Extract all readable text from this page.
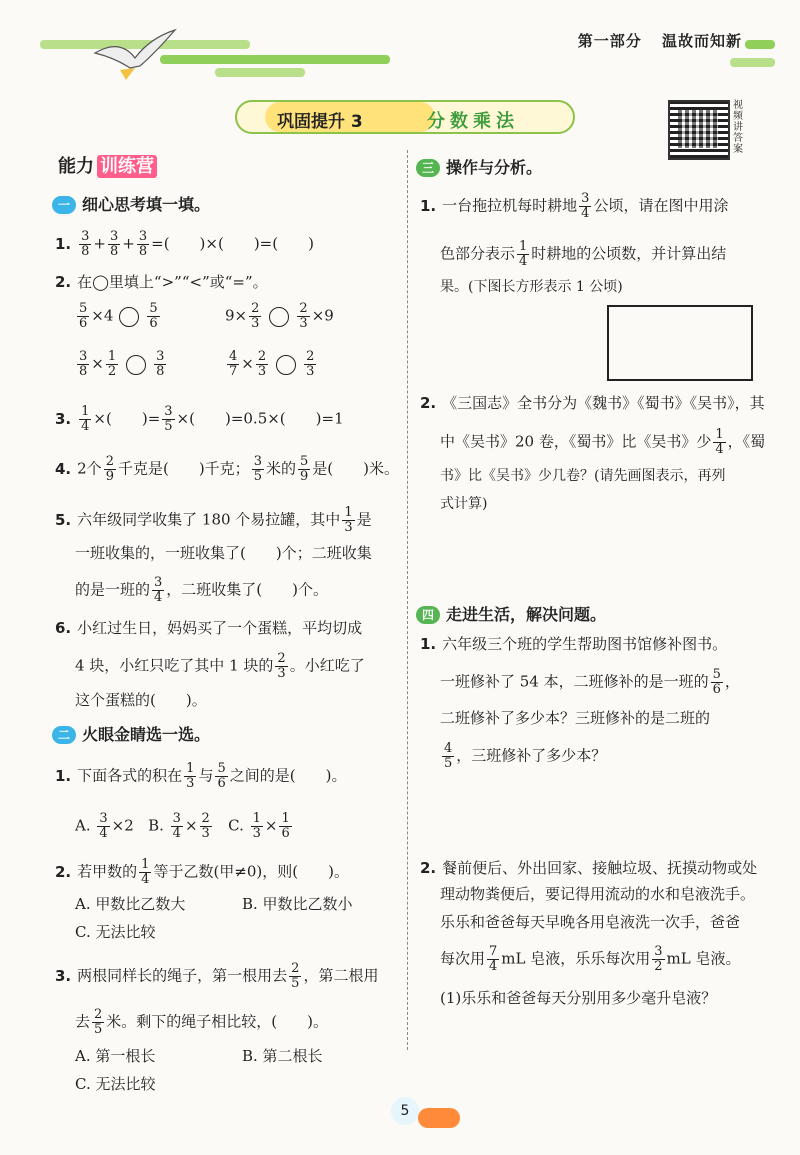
第一部分 温故而知新
巩固提升 3	分数乘法
视频讲答案
能力 训练营
一 细心思考填一填。
1. $\frac{3}{8} + \frac{3}{8} + \frac{3}{8}$ =(　　)×(　　)=(　　)
2. 在◯里填上“>”“<”或“=”。
$\frac{5}{6} \times 4$	$\frac{5}{6}$	$9\times \frac{2}{3}$	$\frac{2}{3} \times 9$
$\frac{3}{8} \times \frac{1}{2}$	$\frac{3}{8}$	$\frac{4}{7} \times \frac{2}{3}$	$\frac{2}{3}$
3. $\frac{1}{4}$ ×(　　)= $\frac{3}{5}$ ×(　　)=0.5×(　　)=1
4. 2个 $\frac{2}{9}$ 千克是(　　)千克； $\frac{3}{5}$ 米的 $\frac{5}{9}$ 是(　　)米。
5. 六年级同学收集了 180 个易拉罐，其中 $\frac{1}{3}$ 是
一班收集的，一班收集了(　　)个；二班收集
的是一班的 $\frac{3}{4}$ ，二班收集了(　　)个。
6. 小红过生日，妈妈买了一个蛋糕，平均切成
4 块，小红只吃了其中 1 块的 $\frac{2}{3}$ 。小红吃了
这个蛋糕的(　　)。
二 火眼金睛选一选。
1. 下面各式的积在 $\frac{1}{3}$ 与 $\frac{5}{6}$ 之间的是(　　)。
A. $\frac{3}{4} \times 2$   B. $\frac{3}{4} \times \frac{2}{3} C$. $\frac{1}{3} \times \frac{1}{6}$
2. 若甲数的 $\frac{1}{4}$ 等于乙数(甲≠0)，则(　　)。
A. 甲数比乙数大	B. 甲数比乙数小
C. 无法比较
3. 两根同样长的绳子，第一根用去 $\frac{2}{5}$ ，第二根用
去 $\frac{2}{5}$ 米。剩下的绳子相比较，(　　)。
A. 第一根长	B. 第二根长
C. 无法比较
三 操作与分析。
1. 一台拖拉机每时耕地 $\frac{3}{4}$ 公顷，请在图中用涂
色部分表示 $\frac{1}{4}$ 时耕地的公顷数，并计算出结
果。(下图长方形表示 1 公顷)
2. 《三国志》全书分为《魏书》《蜀书》《吴书》，其
中《吴书》20 卷，《蜀书》比《吴书》少 $\frac{1}{4}$ ，《蜀
书》比《吴书》少几卷？(请先画图表示，再列
式计算)
四 走进生活，解决问题。
1. 六年级三个班的学生帮助图书馆修补图书。
一班修补了 54 本，二班修补的是一班的 $\frac{5}{6}$ ，
二班修补了多少本？三班修补的是二班的
$\frac{4}{5}$ ，三班修补了多少本？
2. 餐前便后、外出回家、接触垃圾、抚摸动物或处
理动物粪便后，要记得用流动的水和皂液洗手。
乐乐和爸爸每天早晚各用皂液洗一次手，爸爸
每次用 $\frac{7}{4}$ mL 皂液，乐乐每次用 $\frac{3}{2}$ mL 皂液。
(1)乐乐和爸爸每天分别用多少毫升皂液？
5
